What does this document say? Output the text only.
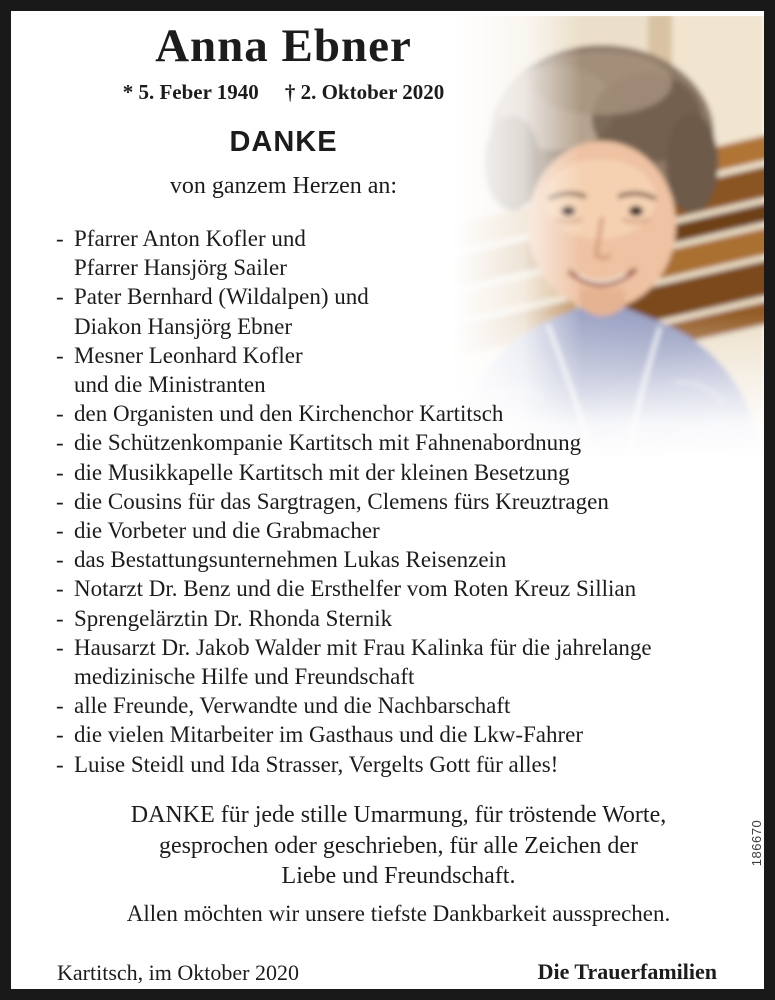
Anna Ebner
* 5. Feber 1940 † 2. Oktober 2020
DANKE
von ganzem Herzen an:
- Pfarrer Anton Kofler und
Pfarrer Hansjörg Sailer
- Pater Bernhard (Wildalpen) und
Diakon Hansjörg Ebner
- Mesner Leonhard Kofler
und die Ministranten
- den Organisten und den Kirchenchor Kartitsch
- die Schützenkompanie Kartitsch mit Fahnenabordnung
- die Musikkapelle Kartitsch mit der kleinen Besetzung
- die Cousins für das Sargtragen, Clemens fürs Kreuztragen
- die Vorbeter und die Grabmacher
- das Bestattungsunternehmen Lukas Reisenzein
- Notarzt Dr. Benz und die Ersthelfer vom Roten Kreuz Sillian
- Sprengelärztin Dr. Rhonda Sternik
- Hausarzt Dr. Jakob Walder mit Frau Kalinka für die jahrelange
medizinische Hilfe und Freundschaft
- alle Freunde, Verwandte und die Nachbarschaft
- die vielen Mitarbeiter im Gasthaus und die Lkw-Fahrer
- Luise Steidl und Ida Strasser, Vergelts Gott für alles!
DANKE für jede stille Umarmung, für tröstende Worte,
gesprochen oder geschrieben, für alle Zeichen der
Liebe und Freundschaft.
Allen möchten wir unsere tiefste Dankbarkeit aussprechen.
Kartitsch, im Oktober 2020	Die Trauerfamilien
186670
